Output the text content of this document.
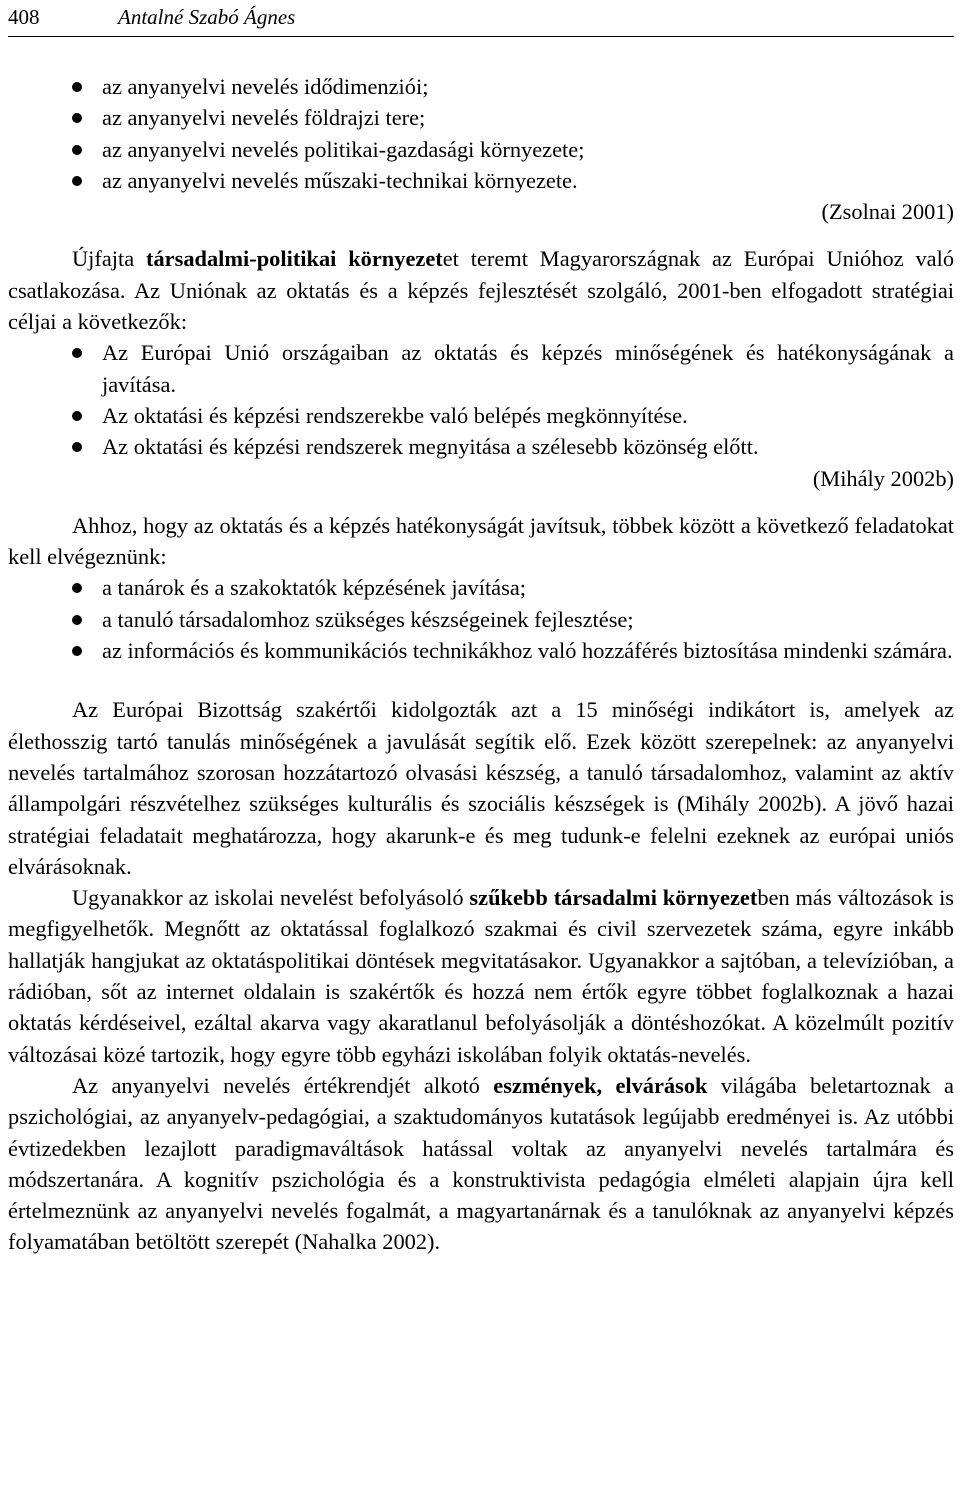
408	Antalné Szabó Ágnes
az anyanyelvi nevelés idődimenziói;
az anyanyelvi nevelés földrajzi tere;
az anyanyelvi nevelés politikai-gazdasági környezete;
az anyanyelvi nevelés műszaki-technikai környezete.

(Zsolnai 2001)

Újfajta társadalmi-politikai környezetet teremt Magyarországnak az Európai Unióhoz való csatlakozása. Az Uniónak az oktatás és a képzés fejlesztését szolgáló, 2001-ben elfogadott stratégiai céljai a következők:

Az Európai Unió országaiban az oktatás és képzés minőségének és hatékonyságának a javítása.
Az oktatási és képzési rendszerekbe való belépés megkönnyítése.
Az oktatási és képzési rendszerek megnyitása a szélesebb közönség előtt.

(Mihály 2002b)

Ahhoz, hogy az oktatás és a képzés hatékonyságát javítsuk, többek között a következő feladatokat kell elvégeznünk:

a tanárok és a szakoktatók képzésének javítása;
a tanuló társadalomhoz szükséges készségeinek fejlesztése;
az információs és kommunikációs technikákhoz való hozzáférés biztosítása mindenki számára.

Az Európai Bizottság szakértői kidolgozták azt a 15 minőségi indikátort is, amelyek az élethosszig tartó tanulás minőségének a javulását segítik elő. Ezek között szerepelnek: az anyanyelvi nevelés tartalmához szorosan hozzátartozó olvasási készség, a tanuló társadalomhoz, valamint az aktív állampolgári részvételhez szükséges kulturális és szociális készségek is (Mihály 2002b). A jövő hazai stratégiai feladatait meghatározza, hogy akarunk-e és meg tudunk-e felelni ezeknek az európai uniós elvárásoknak.

Ugyanakkor az iskolai nevelést befolyásoló szűkebb társadalmi környezetben más változások is megfigyelhetők. Megnőtt az oktatással foglalkozó szakmai és civil szervezetek száma, egyre inkább hallatják hangjukat az oktatáspolitikai döntések megvitatásakor. Ugyanakkor a sajtóban, a televízióban, a rádióban, sőt az internet oldalain is szakértők és hozzá nem értők egyre többet foglalkoznak a hazai oktatás kérdéseivel, ezáltal akarva vagy akaratlanul befolyásolják a döntéshozókat. A közelmúlt pozitív változásai közé tartozik, hogy egyre több egyházi iskolában folyik oktatás-nevelés.

Az anyanyelvi nevelés értékrendjét alkotó eszmények, elvárások világába beletartoznak a pszichológiai, az anyanyelv-pedagógiai, a szaktudományos kutatások legújabb eredményei is. Az utóbbi évtizedekben lezajlott paradigmaváltások hatással voltak az anyanyelvi nevelés tartalmára és módszertanára. A kognitív pszichológia és a konstruktivista pedagógia elméleti alapjain újra kell értelmeznünk az anyanyelvi nevelés fogalmát, a magyartanárnak és a tanulóknak az anyanyelvi képzés folyamatában betöltött szerepét (Nahalka 2002).
